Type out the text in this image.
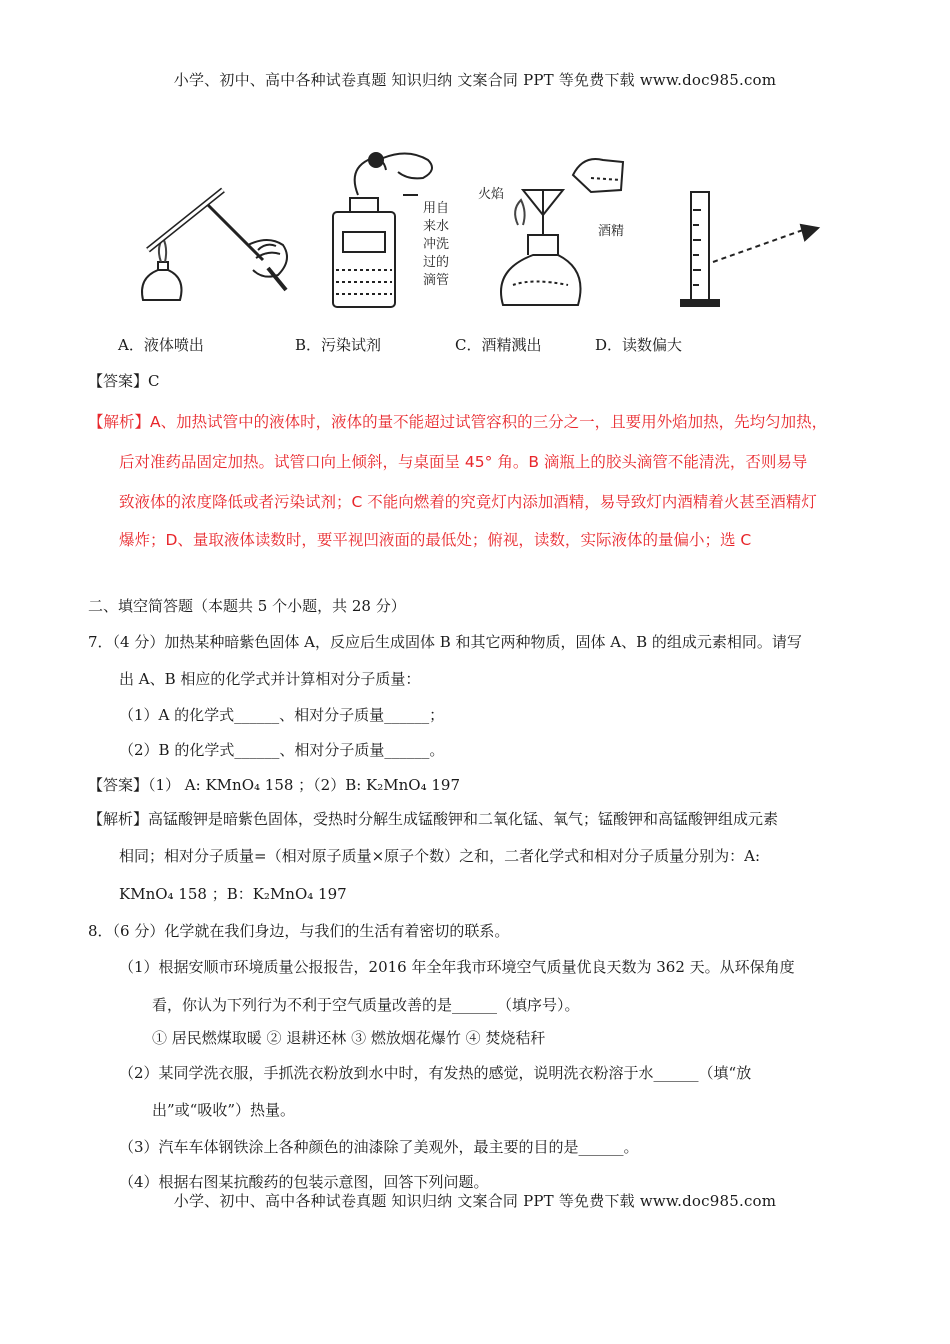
小学、初中、高中各种试卷真题 知识归纳 文案合同 PPT 等免费下载 www.doc985.com
用自
来水
冲洗
过的
滴管
火焰
酒精
A．液体喷出	B．污染试剂	C．酒精溅出	D．读数偏大
【答案】C
【解析】A、加热试管中的液体时，液体的量不能超过试管容积的三分之一，且要用外焰加热，先均匀加热，
后对准药品固定加热。试管口向上倾斜，与桌面呈 45° 角。B 滴瓶上的胶头滴管不能清洗，否则易导
致液体的浓度降低或者污染试剂；C 不能向燃着的究竟灯内添加酒精，易导致灯内酒精着火甚至酒精灯
爆炸；D、量取液体读数时，要平视凹液面的最低处；俯视，读数，实际液体的量偏小；选 C
二、填空简答题（本题共 5 个小题，共 28 分）
7．（4 分）加热某种暗紫色固体 A，反应后生成固体 B 和其它两种物质，固体 A、B 的组成元素相同。请写
出 A、B 相应的化学式并计算相对分子质量：
（1）A 的化学式______、相对分子质量______；
（2）B 的化学式______、相对分子质量______。
【答案】（1） A: KMnO₄ 158 ；（2）B: K₂MnO₄ 197
【解析】高锰酸钾是暗紫色固体，受热时分解生成锰酸钾和二氧化锰、氧气；锰酸钾和高锰酸钾组成元素
相同；相对分子质量=（相对原子质量×原子个数）之和，二者化学式和相对分子质量分别为：A:
KMnO₄ 158 ；B：K₂MnO₄ 197
8．（6 分）化学就在我们身边，与我们的生活有着密切的联系。
（1）根据安顺市环境质量公报报告，2016 年全年我市环境空气质量优良天数为 362 天。从环保角度
看，你认为下列行为不利于空气质量改善的是______（填序号）。
① 居民燃煤取暖 ② 退耕还林 ③ 燃放烟花爆竹 ④ 焚烧秸秆
（2）某同学洗衣服，手抓洗衣粉放到水中时，有发热的感觉，说明洗衣粉溶于水______（填“放
出”或“吸收”）热量。
（3）汽车车体钢铁涂上各种颜色的油漆除了美观外，最主要的目的是______。
（4）根据右图某抗酸药的包装示意图，回答下列问题。
小学、初中、高中各种试卷真题 知识归纳 文案合同 PPT 等免费下载 www.doc985.com
